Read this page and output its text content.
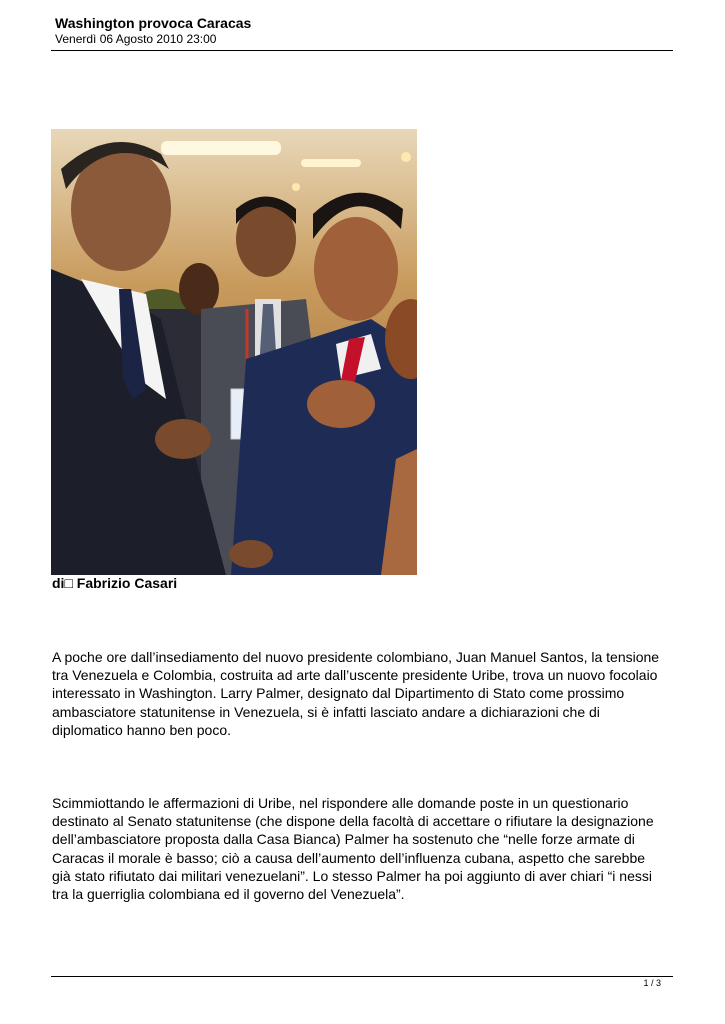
Washington provoca Caracas
Venerdì 06 Agosto 2010 23:00
di□ Fabrizio Casari
A poche ore dall’insediamento del nuovo presidente colombiano, Juan Manuel Santos, la tensione tra Venezuela e Colombia, costruita ad arte dall’uscente presidente Uribe, trova un nuovo focolaio interessato in Washington. Larry Palmer, designato dal Dipartimento di Stato come prossimo ambasciatore statunitense in Venezuela, si è infatti lasciato andare a dichiarazioni che di diplomatico hanno ben poco.
Scimmiottando le affermazioni di Uribe, nel rispondere alle domande poste in un questionario destinato al Senato statunitense (che dispone della facoltà di accettare o rifiutare la designazione dell’ambasciatore proposta dalla Casa Bianca) Palmer ha sostenuto che “nelle forze armate di Caracas il morale è basso; ciò a causa dell’aumento dell’influenza cubana, aspetto che sarebbe già stato rifiutato dai militari venezuelani”. Lo stesso Palmer ha poi aggiunto di aver chiari “i nessi tra la guerriglia colombiana ed il governo del Venezuela”.
1 / 3
